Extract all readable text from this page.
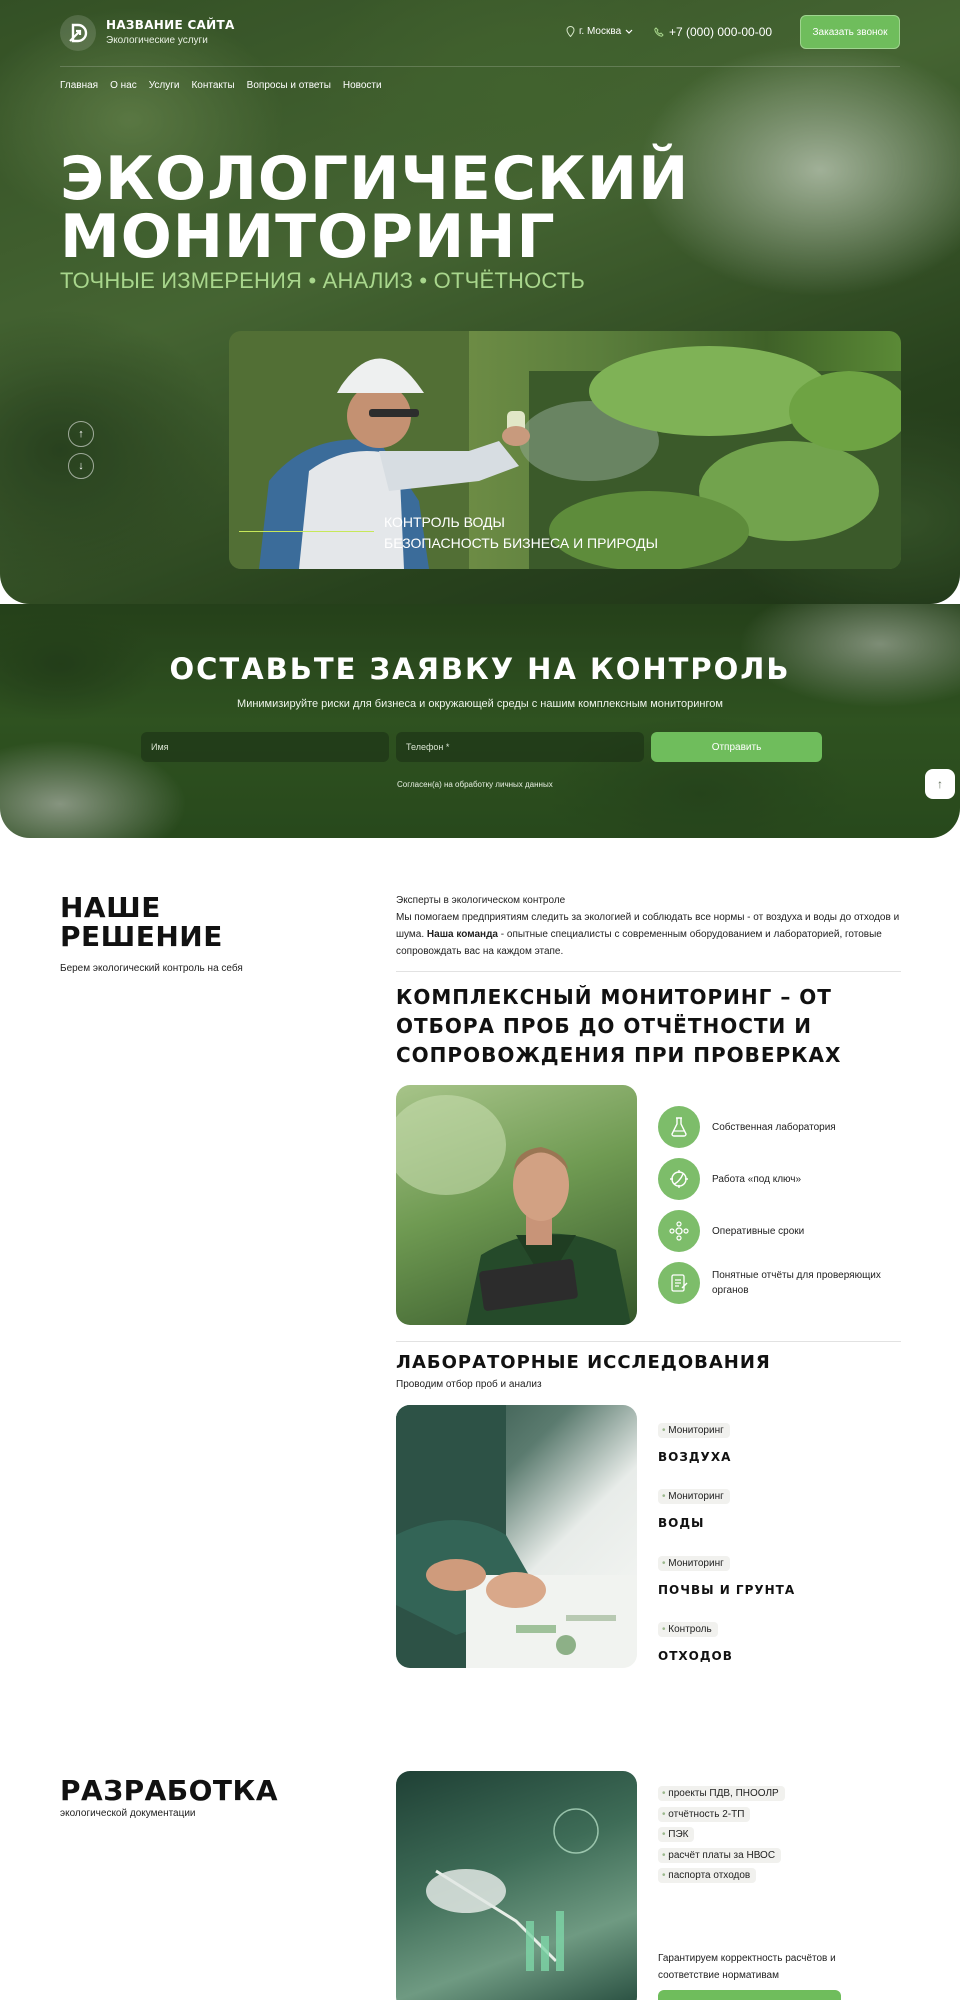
НАЗВАНИЕ САЙТА
Экологические услуги
г. Москва	+7 (000) 000-00-00	Заказать звонок
Главная О нас Услуги Контакты Вопросы и ответы Новости
ЭКОЛОГИЧЕСКИЙ
МОНИТОРИНГ
ТОЧНЫЕ ИЗМЕРЕНИЯ • АНАЛИЗ • ОТЧЁТНОСТЬ
↑
↓
КОНТРОЛЬ ВОДЫ
БЕЗОПАСНОСТЬ БИЗНЕСА И ПРИРОДЫ
ОСТАВЬТЕ ЗАЯВКУ НА КОНТРОЛЬ

Минимизируйте риски для бизнеса и окружающей среды с нашим комплексным мониторингом

Имя	Телефон *	Отправить
Согласен(а) на обработку личных данных	↑
НАШЕ
РЕШЕНИЕ
Берем экологический контроль на себя
Эксперты в экологическом контроле
Мы помогаем предприятиям следить за экологией и соблюдать все нормы - от воздуха и воды до отходов и шума. Наша команда - опытные специалисты с современным оборудованием и лабораторией, готовые сопровождать вас на каждом этапе.
КОМПЛЕКСНЫЙ МОНИТОРИНГ – ОТ
ОТБОРА ПРОБ ДО ОТЧЁТНОСТИ И
СОПРОВОЖДЕНИЯ ПРИ ПРОВЕРКАХ
Собственная лаборатория
Работа «под ключ»
Оперативные сроки
Понятные отчёты для проверяющих органов
ЛАБОРАТОРНЫЕ ИССЛЕДОВАНИЯ
Проводим отбор проб и анализ
• Мониторинг
ВОЗДУХА
• Мониторинг
ВОДЫ
• Мониторинг
ПОЧВЫ И ГРУНТА
• Контроль
ОТХОДОВ
РАЗРАБОТКА
экологической документации
• проекты ПДВ, ПНООЛР
• отчётность 2-ТП
• ПЭК
• расчёт платы за НВОС
• паспорта отходов
Гарантируем корректность расчётов и соответствие нормативам
